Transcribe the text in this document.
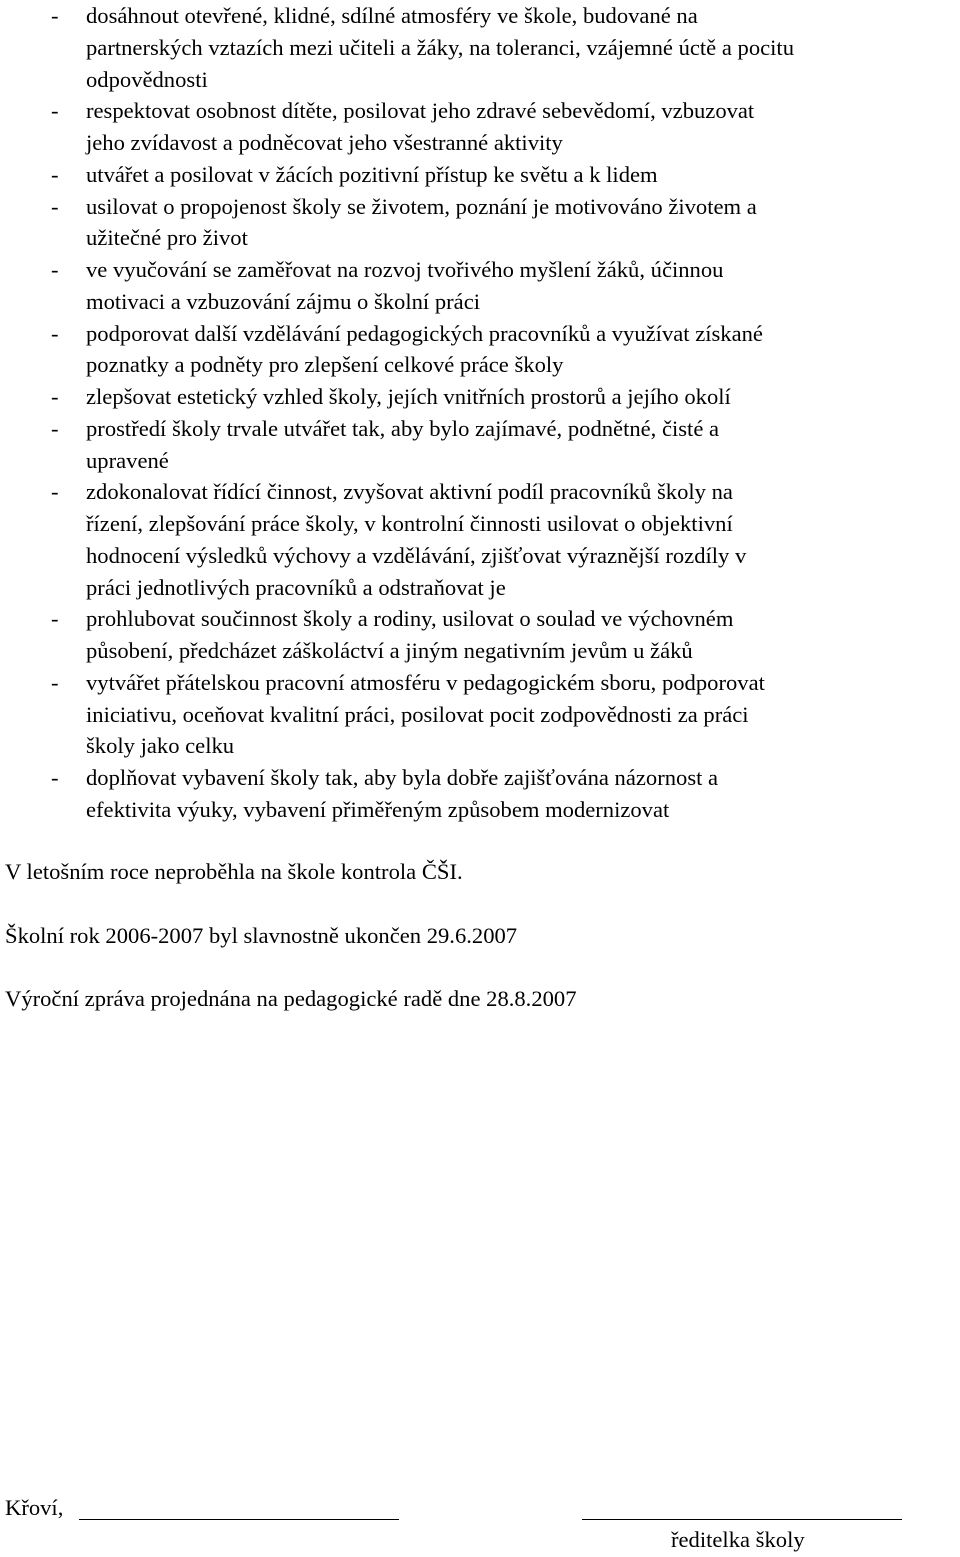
- dosáhnout otevřené, klidné, sdílné atmosféry ve škole, budované na
partnerských vztazích mezi učiteli a žáky, na toleranci, vzájemné úctě a pocitu
odpovědnosti
- respektovat osobnost dítěte, posilovat jeho zdravé sebevědomí, vzbuzovat
jeho zvídavost a podněcovat jeho všestranné aktivity
- utvářet a posilovat v žácích pozitivní přístup ke světu a k lidem
- usilovat o propojenost školy se životem, poznání je motivováno životem a
užitečné pro život
- ve vyučování se zaměřovat na rozvoj tvořivého myšlení žáků, účinnou
motivaci a vzbuzování zájmu o školní práci
- podporovat další vzdělávání pedagogických pracovníků a využívat získané
poznatky a podněty pro zlepšení celkové práce školy
- zlepšovat estetický vzhled školy, jejích vnitřních prostorů a jejího okolí
- prostředí školy trvale utvářet tak, aby bylo zajímavé, podnětné, čisté a
upravené
- zdokonalovat řídící činnost, zvyšovat aktivní podíl pracovníků školy na
řízení, zlepšování práce školy, v kontrolní činnosti usilovat o objektivní
hodnocení výsledků výchovy a vzdělávání, zjišťovat výraznější rozdíly v
práci jednotlivých pracovníků a odstraňovat je
- prohlubovat součinnost školy a rodiny, usilovat o soulad ve výchovném
působení, předcházet záškoláctví a jiným negativním jevům u žáků
- vytvářet přátelskou pracovní atmosféru v pedagogickém sboru, podporovat
iniciativu, oceňovat kvalitní práci, posilovat pocit zodpovědnosti za práci
školy jako celku
- doplňovat vybavení školy tak, aby byla dobře zajišťována názornost a
efektivita výuky, vybavení přiměřeným způsobem modernizovat

V letošním roce neproběhla na škole kontrola ČŠI.

Školní rok 2006-2007 byl slavnostně ukončen 29.6.2007

Výroční zpráva projednána na pedagogické radě dne 28.8.2007

Křoví,
ředitelka školy
